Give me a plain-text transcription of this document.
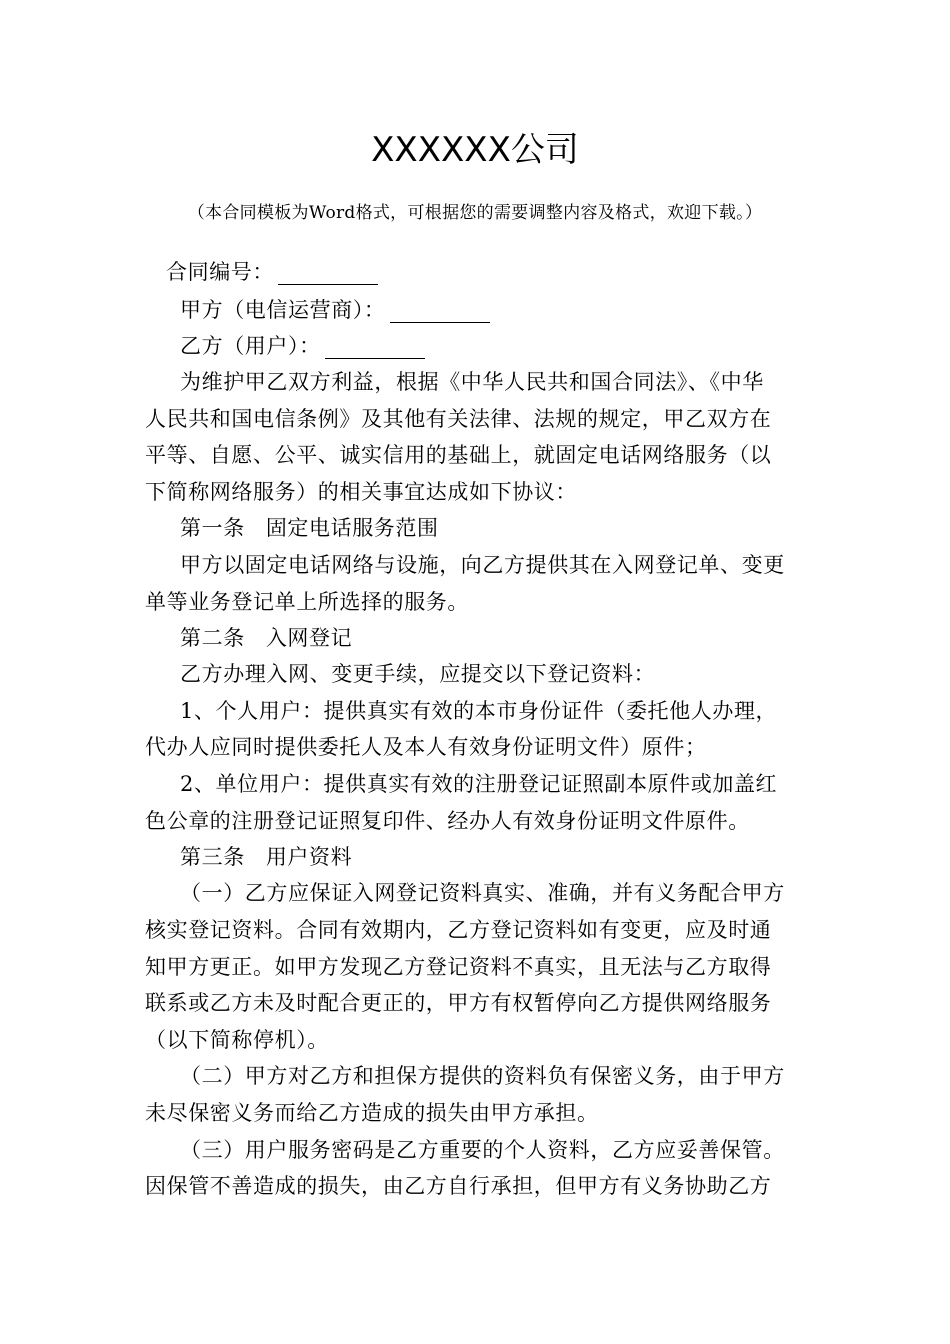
XXXXXX公司
（本合同模板为Word格式，可根据您的需要调整内容及格式，欢迎下载。）
合同编号：
甲方（电信运营商）：
乙方（用户）：
为维护甲乙双方利益，根据《中华人民共和国合同法》、《中华
人民共和国电信条例》及其他有关法律、法规的规定，甲乙双方在
平等、自愿、公平、诚实信用的基础上，就固定电话网络服务（以
下简称网络服务）的相关事宜达成如下协议：
第一条 固定电话服务范围
甲方以固定电话网络与设施，向乙方提供其在入网登记单、变更
单等业务登记单上所选择的服务。
第二条 入网登记
乙方办理入网、变更手续，应提交以下登记资料：
1、个人用户：提供真实有效的本市身份证件（委托他人办理，
代办人应同时提供委托人及本人有效身份证明文件）原件；
2、单位用户：提供真实有效的注册登记证照副本原件或加盖红
色公章的注册登记证照复印件、经办人有效身份证明文件原件。
第三条 用户资料
（一）乙方应保证入网登记资料真实、准确，并有义务配合甲方
核实登记资料。合同有效期内，乙方登记资料如有变更，应及时通
知甲方更正。如甲方发现乙方登记资料不真实，且无法与乙方取得
联系或乙方未及时配合更正的，甲方有权暂停向乙方提供网络服务
（以下简称停机）。
（二）甲方对乙方和担保方提供的资料负有保密义务，由于甲方
未尽保密义务而给乙方造成的损失由甲方承担。
（三）用户服务密码是乙方重要的个人资料，乙方应妥善保管。
因保管不善造成的损失，由乙方自行承担，但甲方有义务协助乙方
